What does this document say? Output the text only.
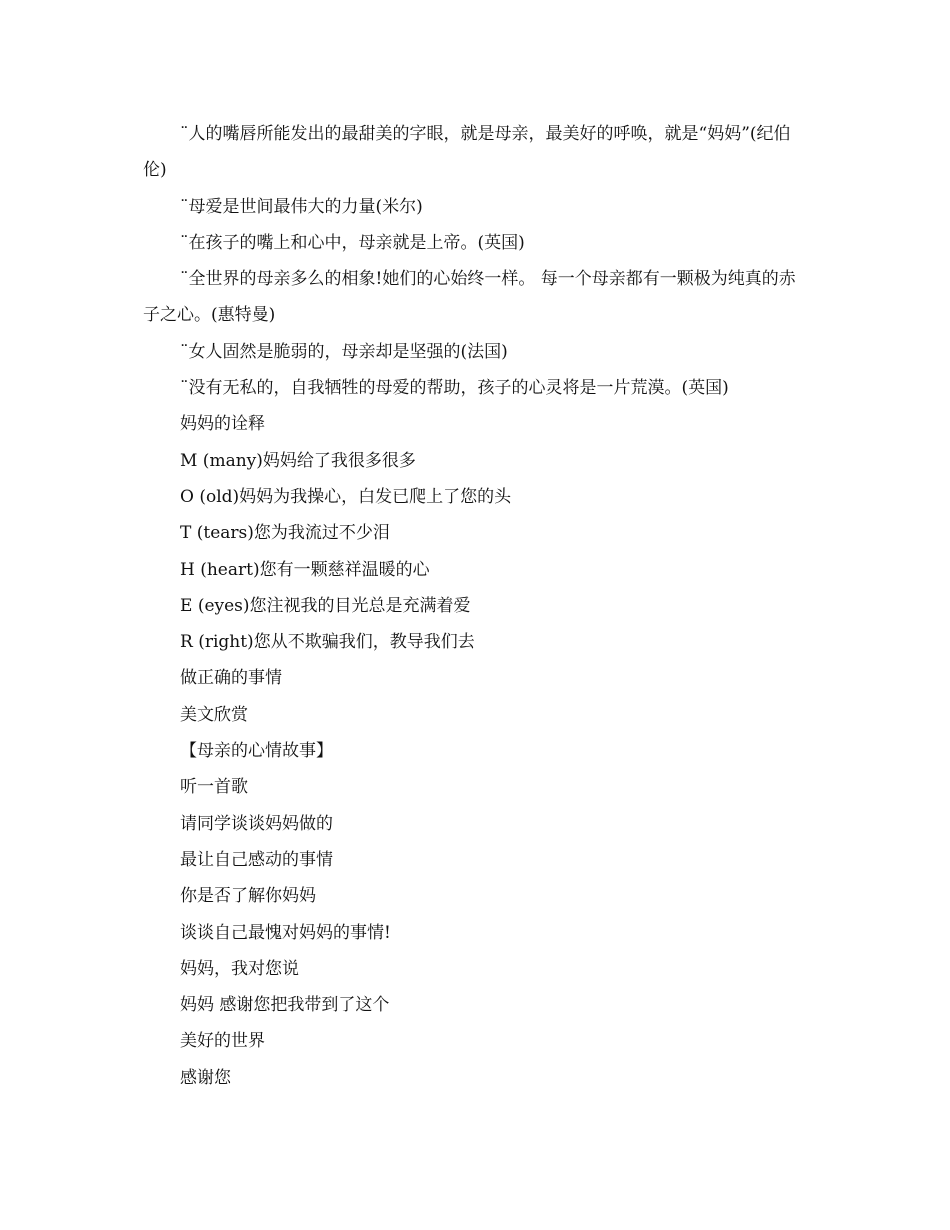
¨人的嘴唇所能发出的最甜美的字眼，就是母亲，最美好的呼唤，就是“妈妈”(纪伯伦)
¨母爱是世间最伟大的力量(米尔)
¨在孩子的嘴上和心中，母亲就是上帝。(英国)
¨全世界的母亲多么的相象!她们的心始终一样。 每一个母亲都有一颗极为纯真的赤子之心。(惠特曼)
¨女人固然是脆弱的，母亲却是坚强的(法国)
¨没有无私的，自我牺牲的母爱的帮助，孩子的心灵将是一片荒漠。(英国)
妈妈的诠释
M (many)妈妈给了我很多很多
O (old)妈妈为我操心，白发已爬上了您的头
T (tears)您为我流过不少泪
H (heart)您有一颗慈祥温暖的心
E (eyes)您注视我的目光总是充满着爱
R (right)您从不欺骗我们，教导我们去
做正确的事情
美文欣赏
【母亲的心情故事】
听一首歌
请同学谈谈妈妈做的
最让自己感动的事情
你是否了解你妈妈
谈谈自己最愧对妈妈的事情!
妈妈，我对您说
妈妈 感谢您把我带到了这个
美好的世界
感谢您
